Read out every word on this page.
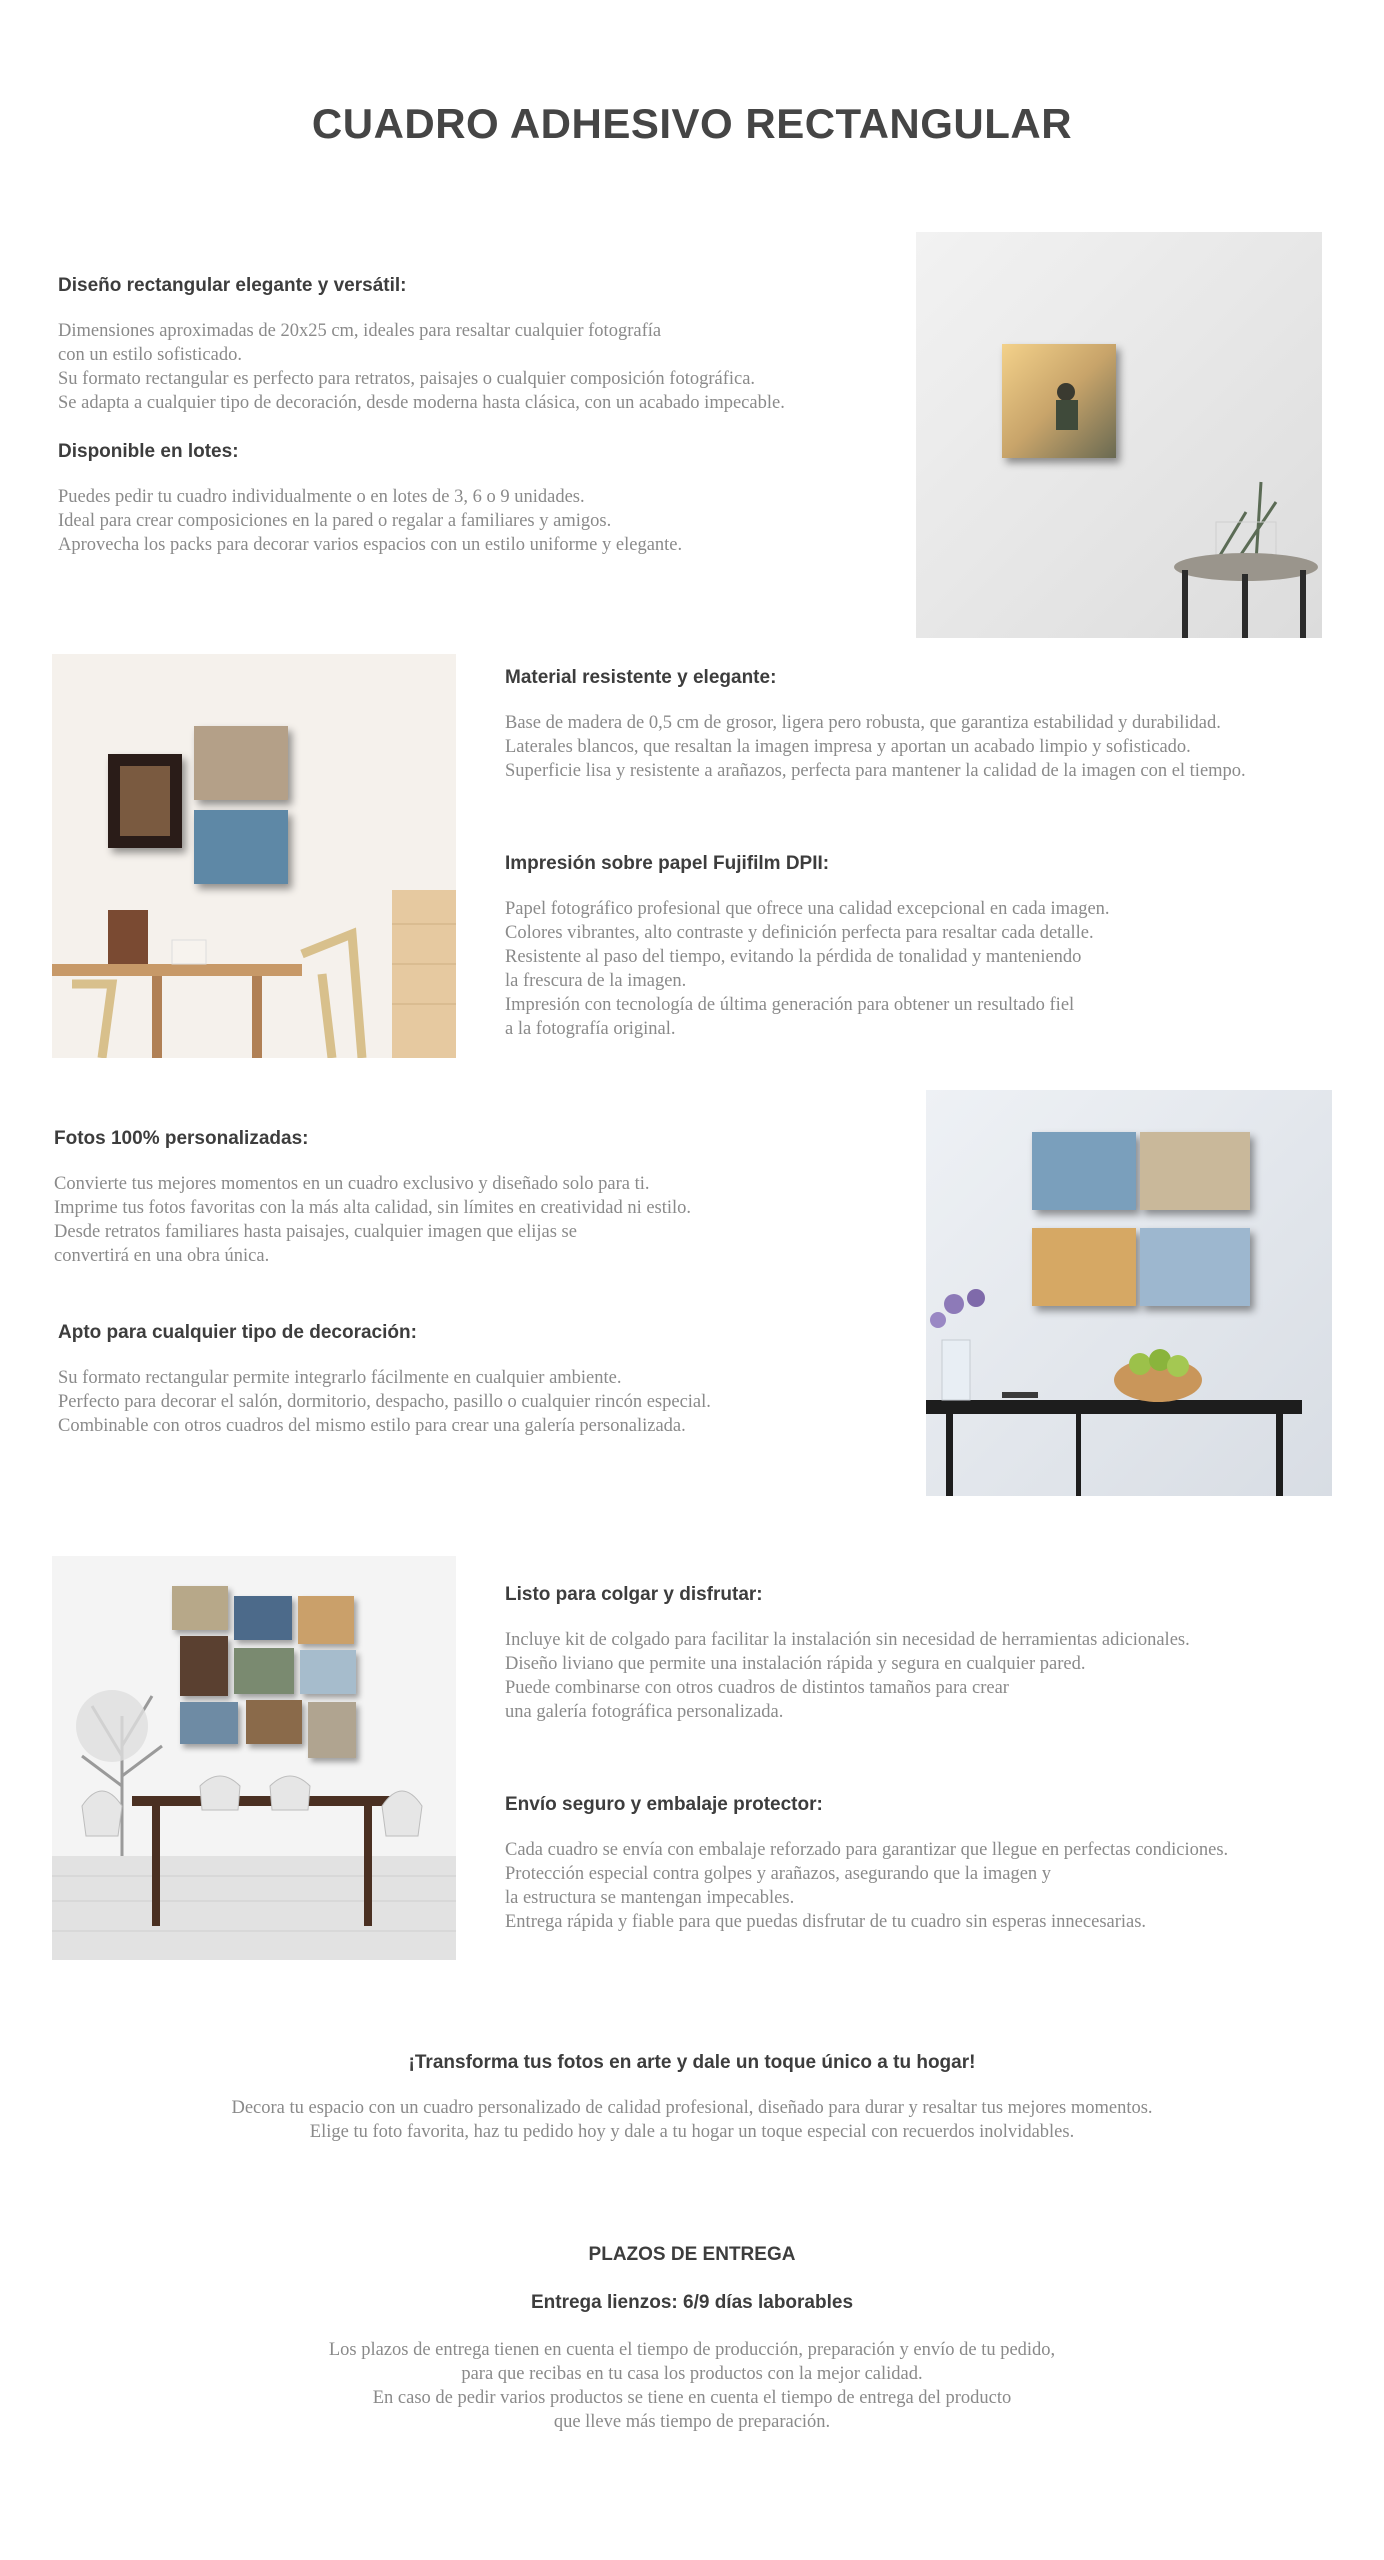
CUADRO ADHESIVO RECTANGULAR
Diseño rectangular elegante y versátil:

Dimensiones aproximadas de 20x25 cm, ideales para resaltar cualquier fotografía
con un estilo sofisticado.
Su formato rectangular es perfecto para retratos, paisajes o cualquier composición fotográfica.
Se adapta a cualquier tipo de decoración, desde moderna hasta clásica, con un acabado impecable.

Disponible en lotes:

Puedes pedir tu cuadro individualmente o en lotes de 3, 6 o 9 unidades.
Ideal para crear composiciones en la pared o regalar a familiares y amigos.
Aprovecha los packs para decorar varios espacios con un estilo uniforme y elegante.

Material resistente y elegante:

Base de madera de 0,5 cm de grosor, ligera pero robusta, que garantiza estabilidad y durabilidad.
Laterales blancos, que resaltan la imagen impresa y aportan un acabado limpio y sofisticado.
Superficie lisa y resistente a arañazos, perfecta para mantener la calidad de la imagen con el tiempo.

Impresión sobre papel Fujifilm DPII:

Papel fotográfico profesional que ofrece una calidad excepcional en cada imagen.
Colores vibrantes, alto contraste y definición perfecta para resaltar cada detalle.
Resistente al paso del tiempo, evitando la pérdida de tonalidad y manteniendo
la frescura de la imagen.
Impresión con tecnología de última generación para obtener un resultado fiel
a la fotografía original.

Fotos 100% personalizadas:

Convierte tus mejores momentos en un cuadro exclusivo y diseñado solo para ti.
Imprime tus fotos favoritas con la más alta calidad, sin límites en creatividad ni estilo.
Desde retratos familiares hasta paisajes, cualquier imagen que elijas se
convertirá en una obra única.

Apto para cualquier tipo de decoración:

Su formato rectangular permite integrarlo fácilmente en cualquier ambiente.
Perfecto para decorar el salón, dormitorio, despacho, pasillo o cualquier rincón especial.
Combinable con otros cuadros del mismo estilo para crear una galería personalizada.

Listo para colgar y disfrutar:

Incluye kit de colgado para facilitar la instalación sin necesidad de herramientas adicionales.
Diseño liviano que permite una instalación rápida y segura en cualquier pared.
Puede combinarse con otros cuadros de distintos tamaños para crear
una galería fotográfica personalizada.

Envío seguro y embalaje protector:

Cada cuadro se envía con embalaje reforzado para garantizar que llegue en perfectas condiciones.
Protección especial contra golpes y arañazos, asegurando que la imagen y
la estructura se mantengan impecables.
Entrega rápida y fiable para que puedas disfrutar de tu cuadro sin esperas innecesarias.

¡Transforma tus fotos en arte y dale un toque único a tu hogar!

Decora tu espacio con un cuadro personalizado de calidad profesional, diseñado para durar y resaltar tus mejores momentos.
Elige tu foto favorita, haz tu pedido hoy y dale a tu hogar un toque especial con recuerdos inolvidables.

PLAZOS DE ENTREGA
Entrega lienzos: 6/9 días laborables

Los plazos de entrega tienen en cuenta el tiempo de producción, preparación y envío de tu pedido,
para que recibas en tu casa los productos con la mejor calidad.
En caso de pedir varios productos se tiene en cuenta el tiempo de entrega del producto
que lleve más tiempo de preparación.
